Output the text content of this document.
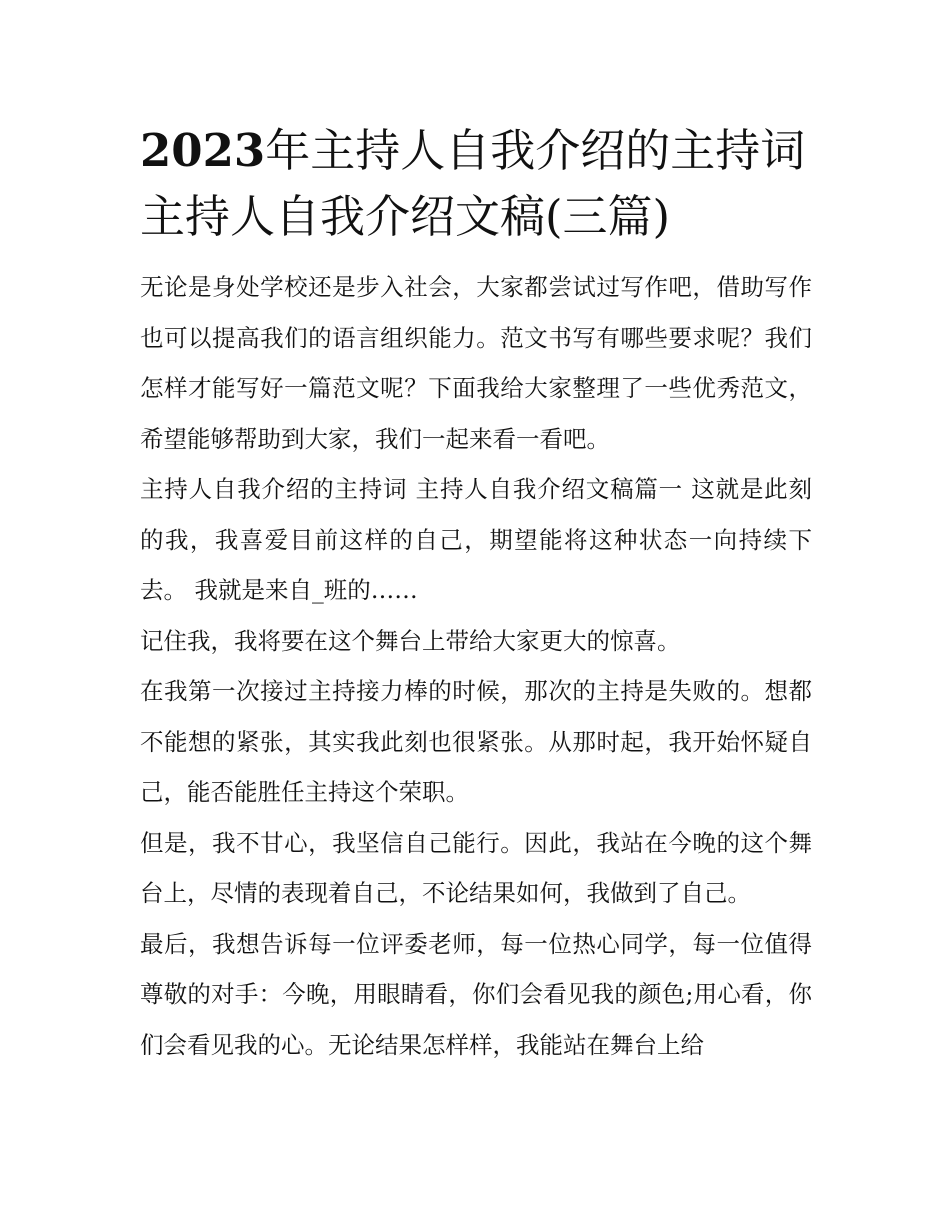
2023年主持人自我介绍的主持词 主持人自我介绍文稿(三篇)

无论是身处学校还是步入社会，大家都尝试过写作吧，借助写作也可以提高我们的语言组织能力。范文书写有哪些要求呢？我们怎样才能写好一篇范文呢？下面我给大家整理了一些优秀范文，希望能够帮助到大家，我们一起来看一看吧。

主持人自我介绍的主持词 主持人自我介绍文稿篇一 这就是此刻的我，我喜爱目前这样的自己，期望能将这种状态一向持续下去。 我就是来自_班的……

记住我，我将要在这个舞台上带给大家更大的惊喜。

在我第一次接过主持接力棒的时候，那次的主持是失败的。想都不能想的紧张，其实我此刻也很紧张。从那时起，我开始怀疑自己，能否能胜任主持这个荣职。

但是，我不甘心，我坚信自己能行。因此，我站在今晚的这个舞台上，尽情的表现着自己，不论结果如何，我做到了自己。

最后，我想告诉每一位评委老师，每一位热心同学，每一位值得尊敬的对手：今晚，用眼睛看，你们会看见我的颜色;用心看，你们会看见我的心。无论结果怎样样，我能站在舞台上给
